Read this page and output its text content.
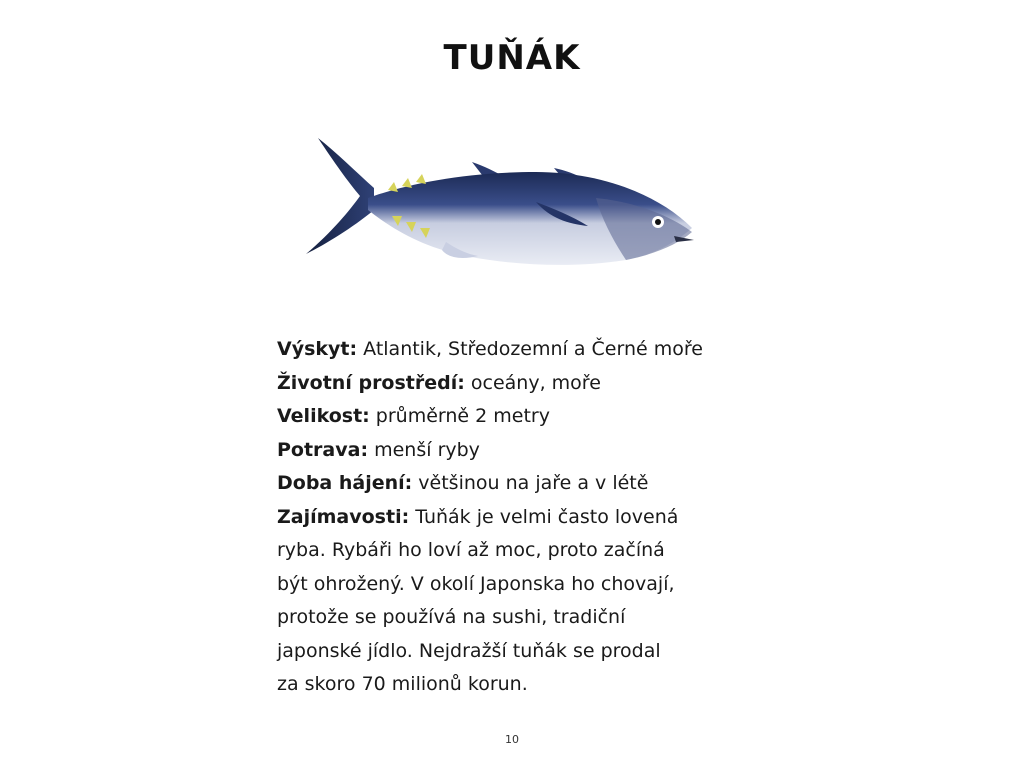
TUŇÁK
Výskyt: Atlantik, Středozemní a Černé moře
Životní prostředí: oceány, moře
Velikost: průměrně 2 metry
Potrava: menší ryby
Doba hájení: většinou na jaře a v létě
Zajímavosti: Tuňák je velmi často lovená
ryba. Rybáři ho loví až moc, proto začíná
být ohrožený. V okolí Japonska ho chovají,
protože se používá na sushi, tradiční
japonské jídlo. Nejdražší tuňák se prodal
za skoro 70 milionů korun.
10
